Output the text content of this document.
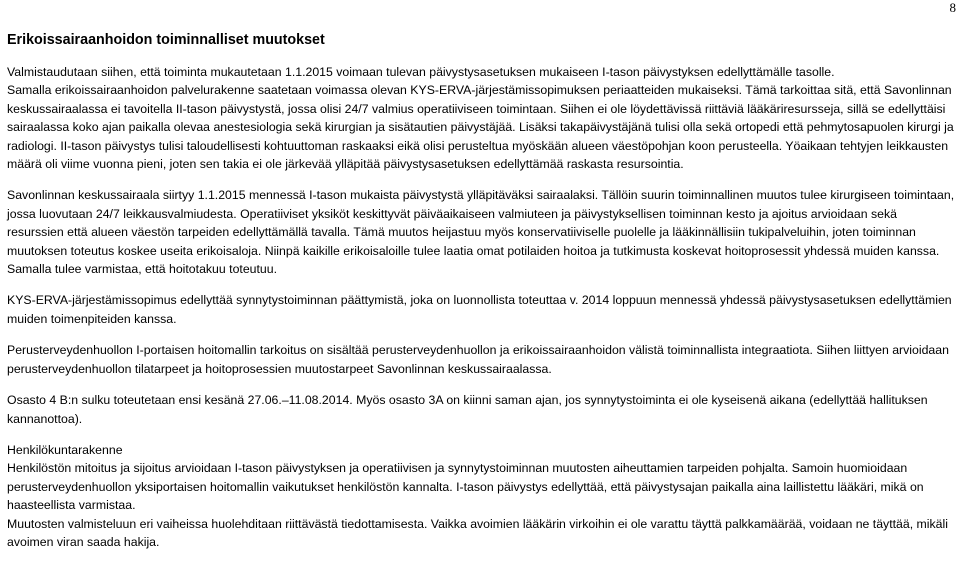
8
Erikoissairaanhoidon toiminnalliset muutokset

Valmistaudutaan siihen, että toiminta mukautetaan 1.1.2015 voimaan tulevan päivystysasetuksen mukaiseen I-tason päivystyksen edellyttämälle tasolle.

Samalla erikoissairaanhoidon palvelurakenne saatetaan voimassa olevan KYS-ERVA-järjestämissopimuksen periaatteiden mukaiseksi. Tämä tarkoittaa sitä, että Savonlinnan keskussairaalassa ei tavoitella II-tason päivystystä, jossa olisi 24/7 valmius operatiiviseen toimintaan. Siihen ei ole löydettävissä riittäviä lääkäriresursseja, sillä se edellyttäisi sairaalassa koko ajan paikalla olevaa anestesiologia sekä kirurgian ja sisätautien päivystäjää. Lisäksi takapäivystäjänä tulisi olla sekä ortopedi että pehmytosapuolen kirurgi ja radiologi. II-tason päivystys tulisi taloudellisesti kohtuuttoman raskaaksi eikä olisi perusteltua myöskään alueen väestöpohjan koon perusteella. Yöaikaan tehtyjen leikkausten määrä oli viime vuonna pieni, joten sen takia ei ole järkevää ylläpitää päivystysasetuksen edellyttämää raskasta resursointia.

Savonlinnan keskussairaala siirtyy 1.1.2015 mennessä I-tason mukaista päivystystä ylläpitäväksi sairaalaksi. Tällöin suurin toiminnallinen muutos tulee kirurgiseen toimintaan, jossa luovutaan 24/7 leikkausvalmiudesta. Operatiiviset yksiköt keskittyvät päiväaikaiseen valmiuteen ja päivystyksellisen toiminnan kesto ja ajoitus arvioidaan sekä resurssien että alueen väestön tarpeiden edellyttämällä tavalla. Tämä muutos heijastuu myös konservatiiviselle puolelle ja lääkinnällisiin tukipalveluihin, joten toiminnan muutoksen toteutus koskee useita erikoisaloja. Niinpä kaikille erikoisaloille tulee laatia omat potilaiden hoitoa ja tutkimusta koskevat hoitoprosessit yhdessä muiden kanssa. Samalla tulee varmistaa, että hoitotakuu toteutuu.

KYS-ERVA-järjestämissopimus edellyttää synnytystoiminnan päättymistä, joka on luonnollista toteuttaa v. 2014 loppuun mennessä yhdessä päivystysasetuksen edellyttämien muiden toimenpiteiden kanssa.

Perusterveydenhuollon I-portaisen hoitomallin tarkoitus on sisältää perusterveydenhuollon ja erikoissairaanhoidon välistä toiminnallista integraatiota. Siihen liittyen arvioidaan perusterveydenhuollon tilatarpeet ja hoitoprosessien muutostarpeet Savonlinnan keskussairaalassa.

Osasto 4 B:n sulku toteutetaan ensi kesänä 27.06.–11.08.2014. Myös osasto 3A on kiinni saman ajan, jos synnytystoiminta ei ole kyseisenä aikana (edellyttää hallituksen kannanottoa).

Henkilökuntarakenne

Henkilöstön mitoitus ja sijoitus arvioidaan I-tason päivystyksen ja operatiivisen ja synnytystoiminnan muutosten aiheuttamien tarpeiden pohjalta. Samoin huomioidaan perusterveydenhuollon yksiportaisen hoitomallin vaikutukset henkilöstön kannalta. I-tason päivystys edellyttää, että päivystysajan paikalla aina laillistettu lääkäri, mikä on haasteellista varmistaa.

Muutosten valmisteluun eri vaiheissa huolehditaan riittävästä tiedottamisesta. Vaikka avoimien lääkärin virkoihin ei ole varattu täyttä palkkamäärää, voidaan ne täyttää, mikäli avoimen viran saada hakija.
